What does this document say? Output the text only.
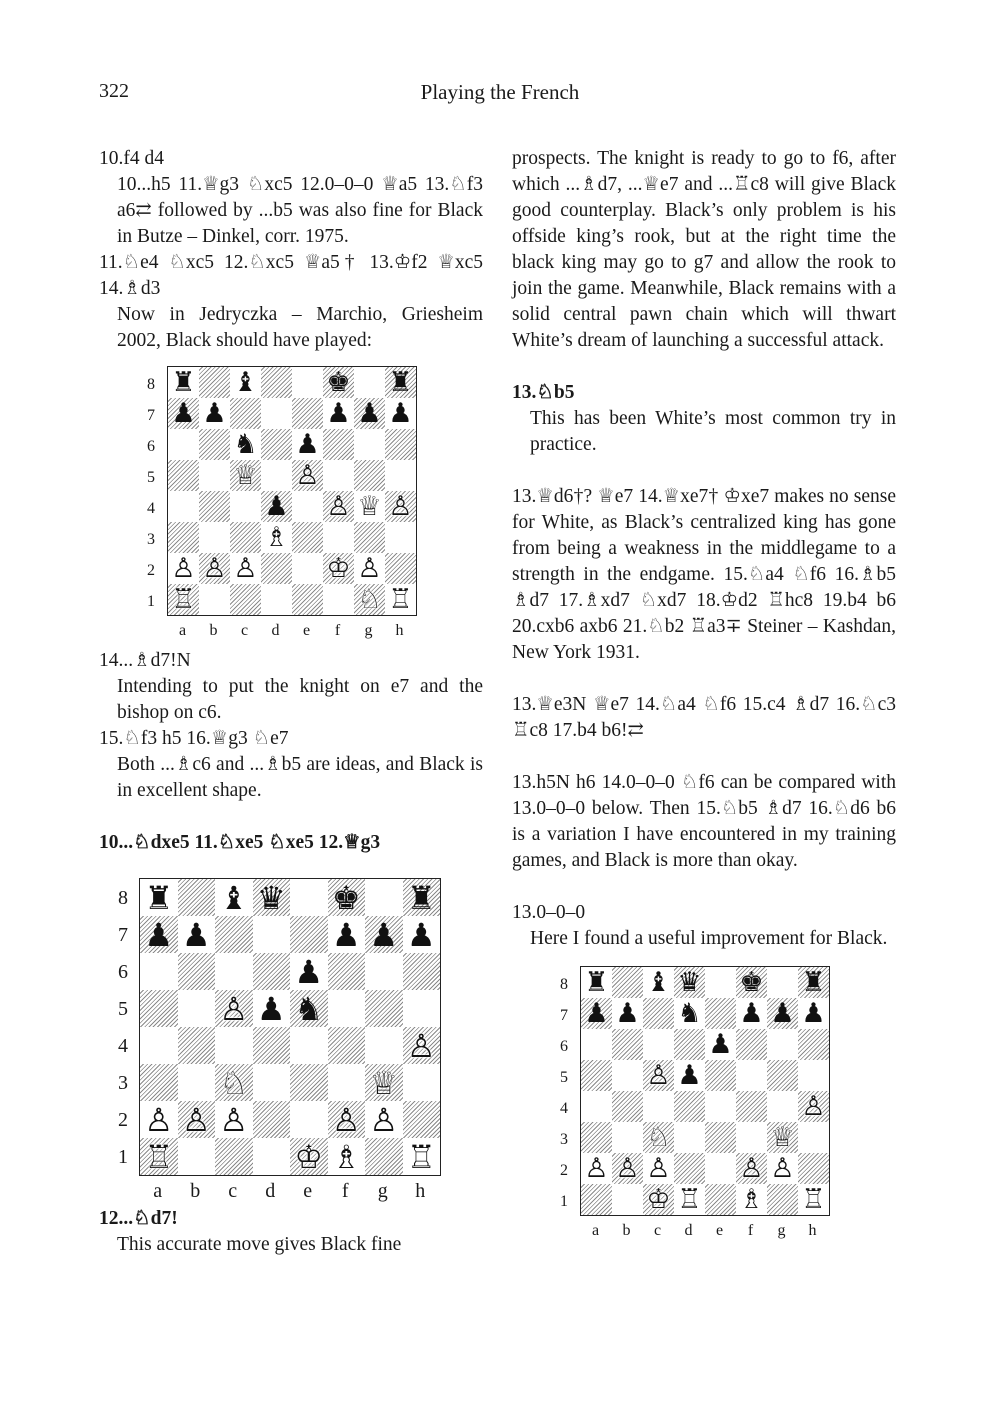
322	Playing the French

10.f4 d4

10...h5 11.♕g3 ♘xc5 12.0–0–0 ♕a5 13.♘f3 a6⇄ followed by ...b5 was also fine for Black in Butze – Dinkel, corr. 1975.

11.♘e4 ♘xc5 12.♘xc5 ♕a5† 13.♔f2 ♕xc5 14.♗d3

Now in Jedryczka – Marchio, Griesheim 2002, Black should have played:

8
7
6
5
4
3
2
1
♜ ♝	♚ ♜
♟ ♟	♟ ♟ ♟
♞ ♟
♕ ♙
♟ ♙ ♕ ♙
♗
♙ ♙ ♙	♔ ♙
♖	♘ ♖
a	b	c	d	e	f	g	h

14...♗d7!N

Intending to put the knight on e7 and the bishop on c6.

15.♘f3 h5 16.♕g3 ♘e7

Both ...♗c6 and ...♗b5 are ideas, and Black is in excellent shape.

10...♘dxe5 11.♘xe5 ♘xe5 12.♕g3

8
7
6
5
4
3
2
1
♜ ♝ ♛ ♚ ♜
♟ ♟	♟ ♟ ♟
♟
♙ ♟ ♞
♙
♘	♕
♙ ♙ ♙	♙ ♙
♖	♔ ♗ ♖
a	b	c	d	e	f	g	h

12...♘d7!

This accurate move gives Black fine

prospects. The knight is ready to go to f6, after which ...♗d7, ...♕e7 and ...♖c8 will give Black good counterplay. Black’s only problem is his offside king’s rook, but at the right time the black king may go to g7 and allow the rook to join the game. Meanwhile, Black remains with a solid central pawn chain which will thwart White’s dream of launching a successful attack.

13.♘b5

This has been White’s most common try in practice.

13.♕d6†? ♕e7 14.♕xe7† ♔xe7 makes no sense for White, as Black’s centralized king has gone from being a weakness in the middlegame to a strength in the endgame. 15.♘a4 ♘f6 16.♗b5 ♗d7 17.♗xd7 ♘xd7 18.♔d2 ♖hc8 19.b4 b6 20.cxb6 axb6 21.♘b2 ♖a3∓ Steiner – Kashdan, New York 1931.

13.♕e3N ♕e7 14.♘a4 ♘f6 15.c4 ♗d7 16.♘c3 ♖c8 17.b4 b6!⇄

13.h5N h6 14.0–0–0 ♘f6 can be compared with 13.0–0–0 below. Then 15.♘b5 ♗d7 16.♘d6 b6 is a variation I have encountered in my training games, and Black is more than okay.

13.0–0–0

Here I found a useful improvement for Black.

8
7
6
5
4
3
2
1
♜ ♝ ♛ ♚ ♜
♟ ♟ ♞ ♟ ♟ ♟
♟
♙ ♟
♙
♘	♕
♙ ♙ ♙	♙ ♙
♔ ♖ ♗ ♖
a	b	c	d	e	f	g	h
